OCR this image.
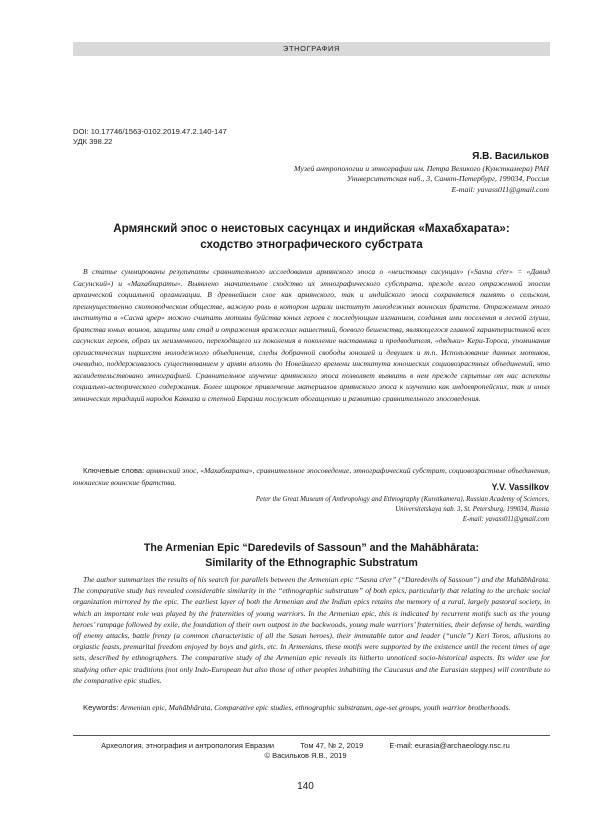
ЭТНОГРАФИЯ
DOI: 10.17746/1563-0102.2019.47.2.140-147
УДК 398.22
Я.В. Васильков
Музей антропологии и этнографии им. Петра Великого (Кунсткамера) РАН
Университетская наб., 3, Санкт-Петербург, 199034, Россия
E-mail: yavass011@gmail.com
Армянский эпос о неистовых сасунцах и индийская «Махабхарата»:
сходство этнографического субстрата

В статье суммированы результаты сравнительного исследования армянского эпоса о «неистовых сасунцах» («Sasna cŕer» = «Давид Сасунский») и «Махабхараты». Выявлено значительное сходство их этнографического субстрата, прежде всего отраженной эпосом архаической социальной организации. В древнейшем слое как армянского, так и индийского эпоса сохраняется память о сельском, преимущественно скотоводческом обществе, важную роль в котором играли институт молодежных воинских братств. Отражением этого института в «Сасна црер» можно считать мотивы буйства юных героев с последующим изгнанием, создания ими поселения в лесной глуши, братства юных воинов, защиты ими стад и отражения вражеских нашествий, боевого бешенства, являющегося главной характеристикой всех сасунских героев, образ их неизменного, переходящего из поколения в поколение наставника и предводителя, «дядьки» Кери-Тороса, упоминания оргиастических пиршеств молодежного объединения, следы добрачной свободы юношей и девушек и т.п. Использование данных мотивов, очевидно, поддерживалось существованием у армян вплоть до Новейшего времени института юношеских социовозрастных объединений, что засвидетельствовано этнографией. Сравнительное изучение армянского эпоса позволяет выявить в нем прежде скрытые от нас аспекты социально-исторического содержания. Более широкое привлечение материалов армянского эпоса к изучению как индоевропейских, так и иных этнических традиций народов Кавказа и степной Евразии послужит обогащению и развитию сравнительного эпосоведения.

Ключевые слова: армянский эпос, «Махабхарата», сравнительное эпосоведение, этнографический субстрат, социовозрастные объединения, юношеские воинские братства.	Y.V. Vassilkov
Peter the Great Museum of Anthropology and Ethnography (Kunstkamera), Russian Academy of Sciences,
Universitetskaya nab. 3, St. Petersburg, 199034, Russia
E-mail: yavass011@gmail.com
The Armenian Epic “Daredevils of Sassoun” and the Mahābhārata:
Similarity of the Ethnographic Substratum

The author summarizes the results of his search for parallels between the Armenian epic “Sasna cŕer” (“Daredevils of Sassoun”) and the Mahābhārata. The comparative study has revealed considerable similarity in the “ethnographic substratum” of both epics, particularly that relating to the archaic social organization mirrored by the epic. The earliest layer of both the Armenian and the Indian epics retains the memory of a rural, largely pastoral society, in which an important role was played by the fraternities of young warriors. In the Armenian epic, this is indicated by recurrent motifs such as the young heroes’ rampage followed by exile, the foundation of their own outpost in the backwoods, young male warriors’ fraternities, their defense of herds, warding off enemy attacks, battle frenzy (a common characteristic of all the Sasun heroes), their immutable tutor and leader (“uncle”) Keri Toros, allusions to orgiastic feasts, premarital freedom enjoyed by boys and girls, etc. In Armenians, these motifs were supported by the existence until the recent times of age sets, described by ethnographers. The comparative study of the Armenian epic reveals its hitherto unnoticed socio-historical aspects. Its wider use for studying other epic traditions (not only Indo-European but also those of other peoples inhabiting the Caucasus and the Eurasian steppes) will contribute to the comparative epic studies.

Keywords: Armenian epic, Mahābhārata, Comparative epic studies, ethnographic substratum, age-set groups, youth warrior brotherhoods.

Археология, этнография и антропология Евразии	Том 47, № 2, 2019	E-mail: eurasia@archaeology.nsc.ru
© Васильков Я.В., 2019
140
